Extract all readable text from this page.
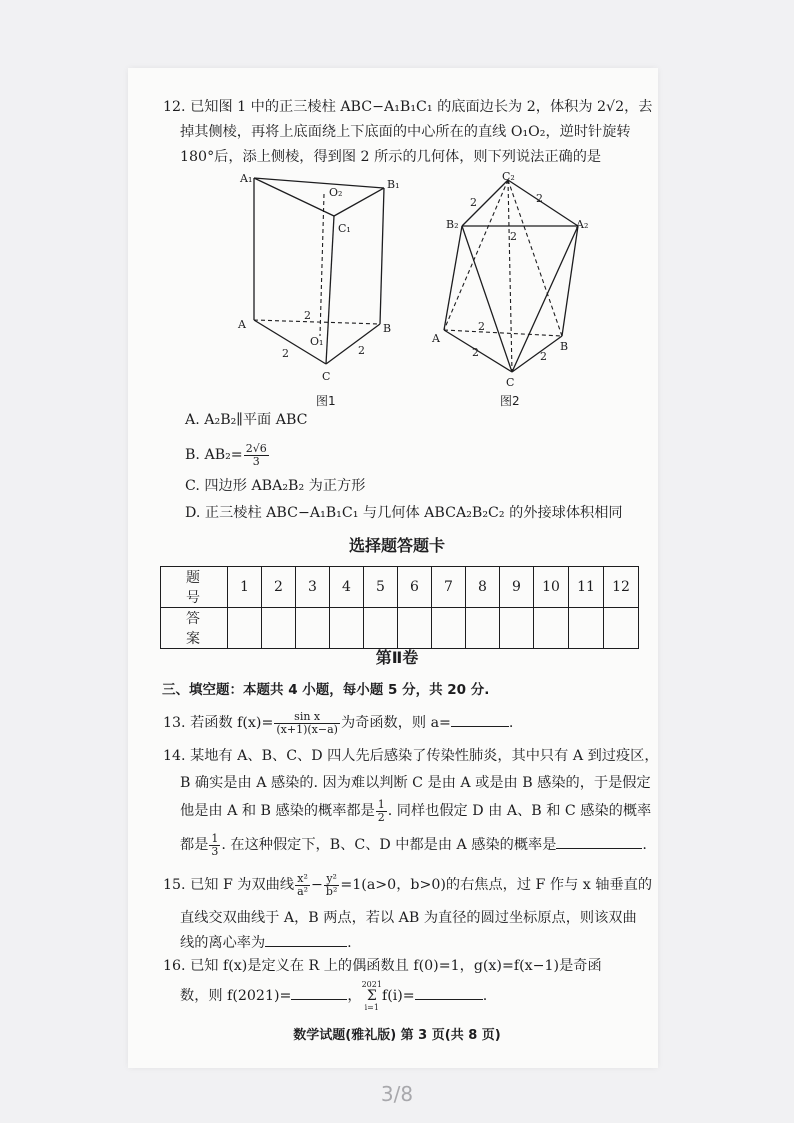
12. 已知图 1 中的正三棱柱 ABC−A₁B₁C₁ 的底面边长为 2，体积为 2√2，去
掉其侧棱，再将上底面绕上下底面的中心所在的直线 O₁O₂，逆时针旋转
180°后，添上侧棱，得到图 2 所示的几何体，则下列说法正确的是
A₁	B₁
O₂
C₁
A	B
O₁
C
2
2	2
图1
C₂
B₂	A₂
A
B
C
2	2
2
2
2	2
图2
A. A₂B₂∥平面 ABC
B. $AB_2= \frac{2√6}{3}$
C. 四边形 ABA₂B₂ 为正方形
D. 正三棱柱 ABC−A₁B₁C₁ 与几何体 ABCA₂B₂C₂ 的外接球体积相同
选择题答题卡
题 号	1	2	3	4	5	6	7	8	9	10	11	12
答 案												
第Ⅱ卷
三、填空题：本题共 4 小题，每小题 5 分，共 20 分.
13. 若函数 $f(x)= \frac{\text{sin x}}{(x+1)(x-a)}$ 为奇函数，则 a=	.
14. 某地有 A、B、C、D 四人先后感染了传染性肺炎，其中只有 A 到过疫区，
B 确实是由 A 感染的. 因为难以判断 C 是由 A 或是由 B 感染的，于是假定
他是由 A 和 B 感染的概率都是 $\frac{1}{2}$ . 同样也假定 D 由 A、B 和 C 感染的概率
都是 $\frac{1}{3}$ . 在这种假定下，B、C、D 中都是由 A 感染的概率是	.
15. 已知 F 为双曲线 $\frac{\text{x²}}{\text{a²}} - \frac{\text{y²}}{\text{b²}} =1(a>0$，b>0)的右焦点，过 F 作与 x 轴垂直的
直线交双曲线于 A，B 两点，若以 AB 为直径的圆过坐标原点，则该双曲
线的离心率为	.
16. 已知 f(x)是定义在 R 上的偶函数且 f(0)=1，g(x)=f(x−1)是奇函
数，则 f(2021)=	，
2021
Σ
i=1
f(i)=	.
数学试题(雅礼版) 第 3 页(共 8 页)
3/8
